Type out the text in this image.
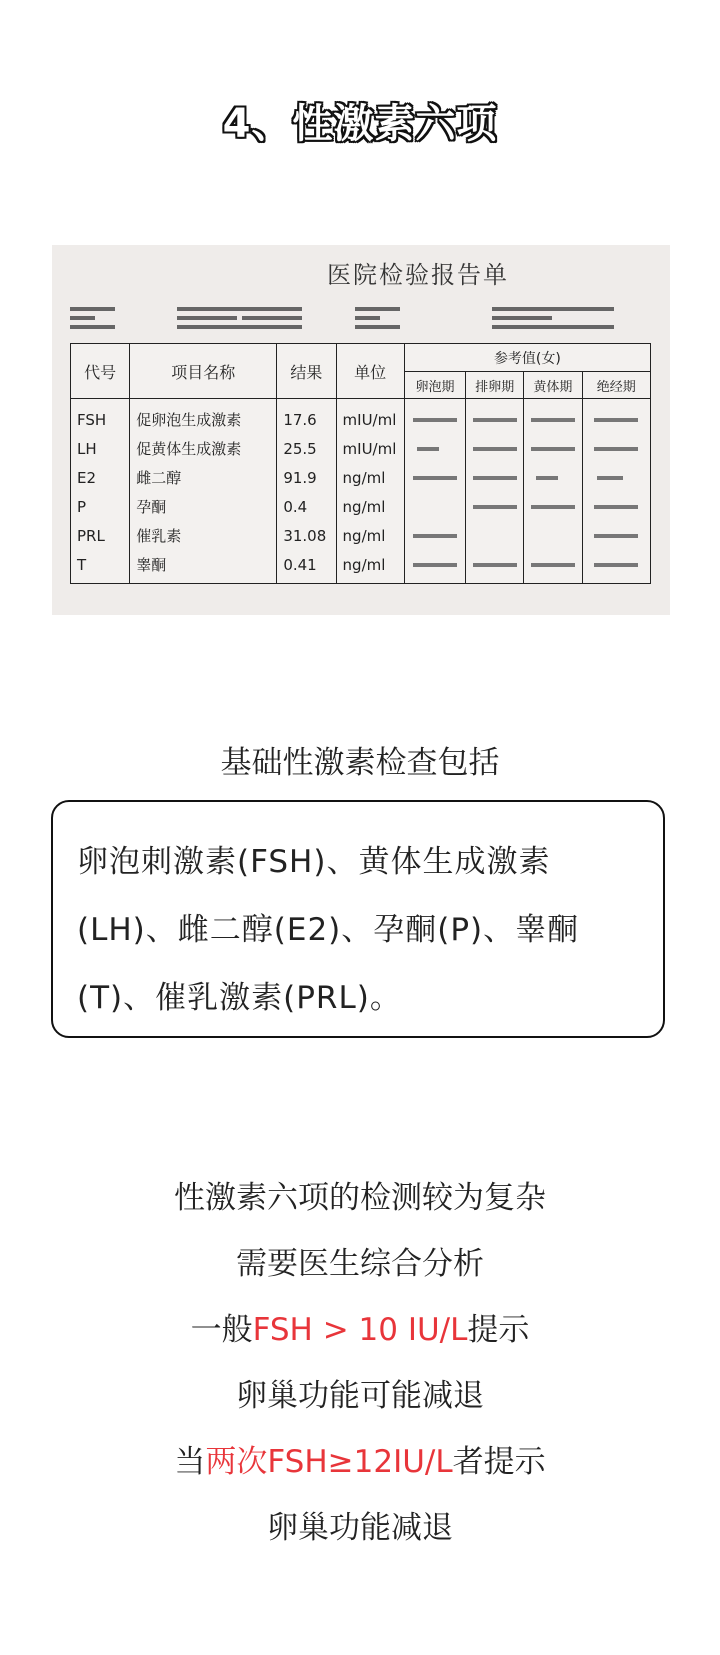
4、性激素六项
医院检验报告单
代号	项目名称	结果	单位	参考值(女)			
				卵泡期	排卵期	黄体期	绝经期
FSH	促卵泡生成激素	17.6	mIU/ml	

LH	促黄体生成激素	25.5	mIU/ml	

E2	雌二醇	91.9	ng/ml	

P	孕酮	0.4	ng/ml		

PRL	催乳素	31.08	ng/ml	

T	睾酮	0.41	ng/ml	

基础性激素检查包括
卵泡刺激素(FSH)、黄体生成激素(LH)、雌二醇(E2)、孕酮(P)、睾酮(T)、催乳激素(PRL)。
性激素六项的检测较为复杂
需要医生综合分析
一般FSH > 10 IU/L提示
卵巢功能可能减退
当两次FSH≥12IU/L者提示
卵巢功能减退
